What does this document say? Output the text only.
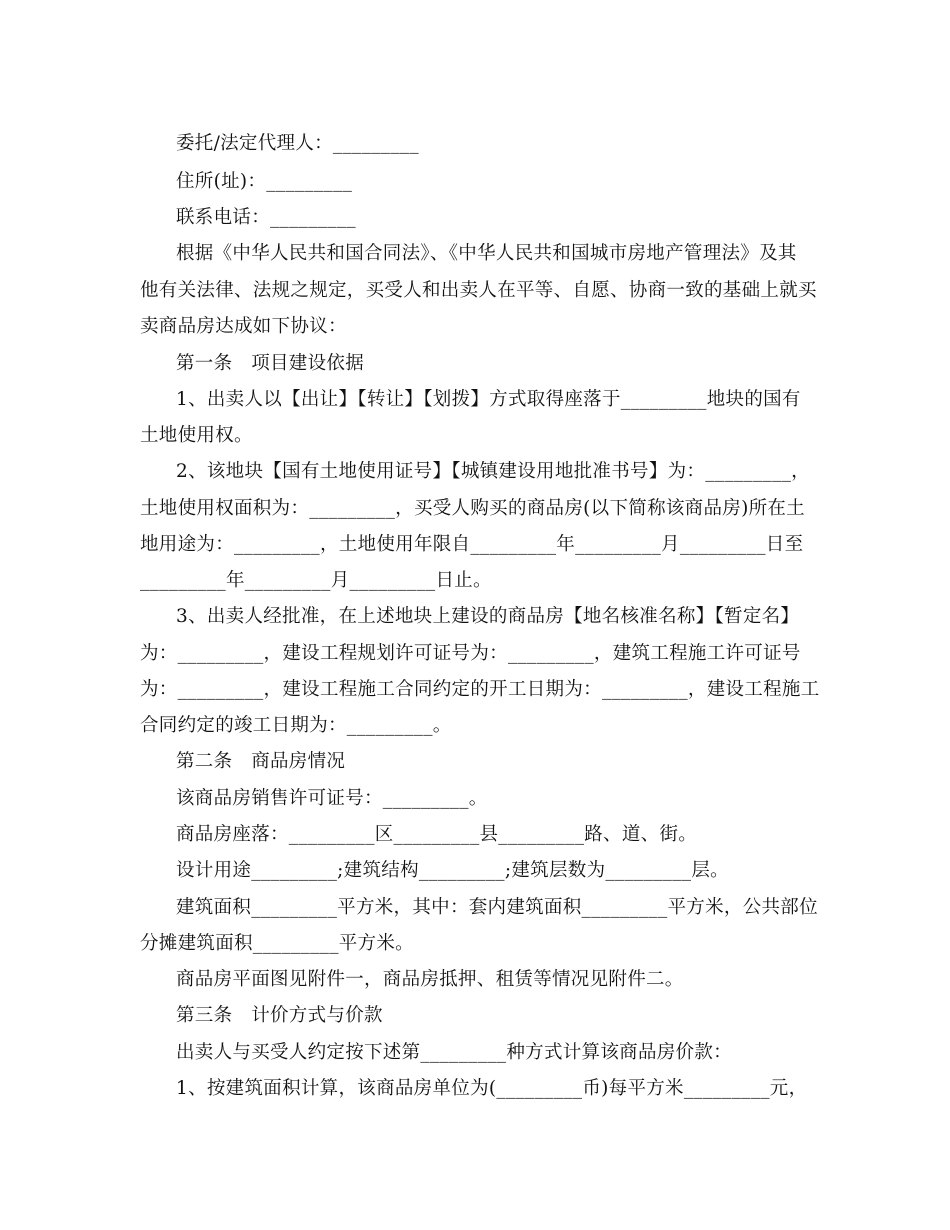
委托/法定代理人：_________
住所(址)：_________
联系电话：_________
根据《中华人民共和国合同法》、《中华人民共和国城市房地产管理法》及其
他有关法律、法规之规定，买受人和出卖人在平等、自愿、协商一致的基础上就买
卖商品房达成如下协议：
第一条　项目建设依据
1、出卖人以【出让】【转让】【划拨】方式取得座落于_________地块的国有
土地使用权。
2、该地块【国有土地使用证号】【城镇建设用地批准书号】为：_________，
土地使用权面积为：_________，买受人购买的商品房(以下简称该商品房)所在土
地用途为：_________，土地使用年限自_________年_________月_________日至
_________年_________月_________日止。
3、出卖人经批准，在上述地块上建设的商品房【地名核准名称】【暂定名】
为：_________，建设工程规划许可证号为：_________，建筑工程施工许可证号
为：_________，建设工程施工合同约定的开工日期为：_________，建设工程施工
合同约定的竣工日期为：_________。
第二条　商品房情况
该商品房销售许可证号：_________。
商品房座落：_________区_________县_________路、道、街。
设计用途_________;建筑结构_________;建筑层数为_________层。
建筑面积_________平方米，其中：套内建筑面积_________平方米，公共部位
分摊建筑面积_________平方米。
商品房平面图见附件一，商品房抵押、租赁等情况见附件二。
第三条　计价方式与价款
出卖人与买受人约定按下述第_________种方式计算该商品房价款：
1、按建筑面积计算，该商品房单位为(_________币)每平方米_________元，
